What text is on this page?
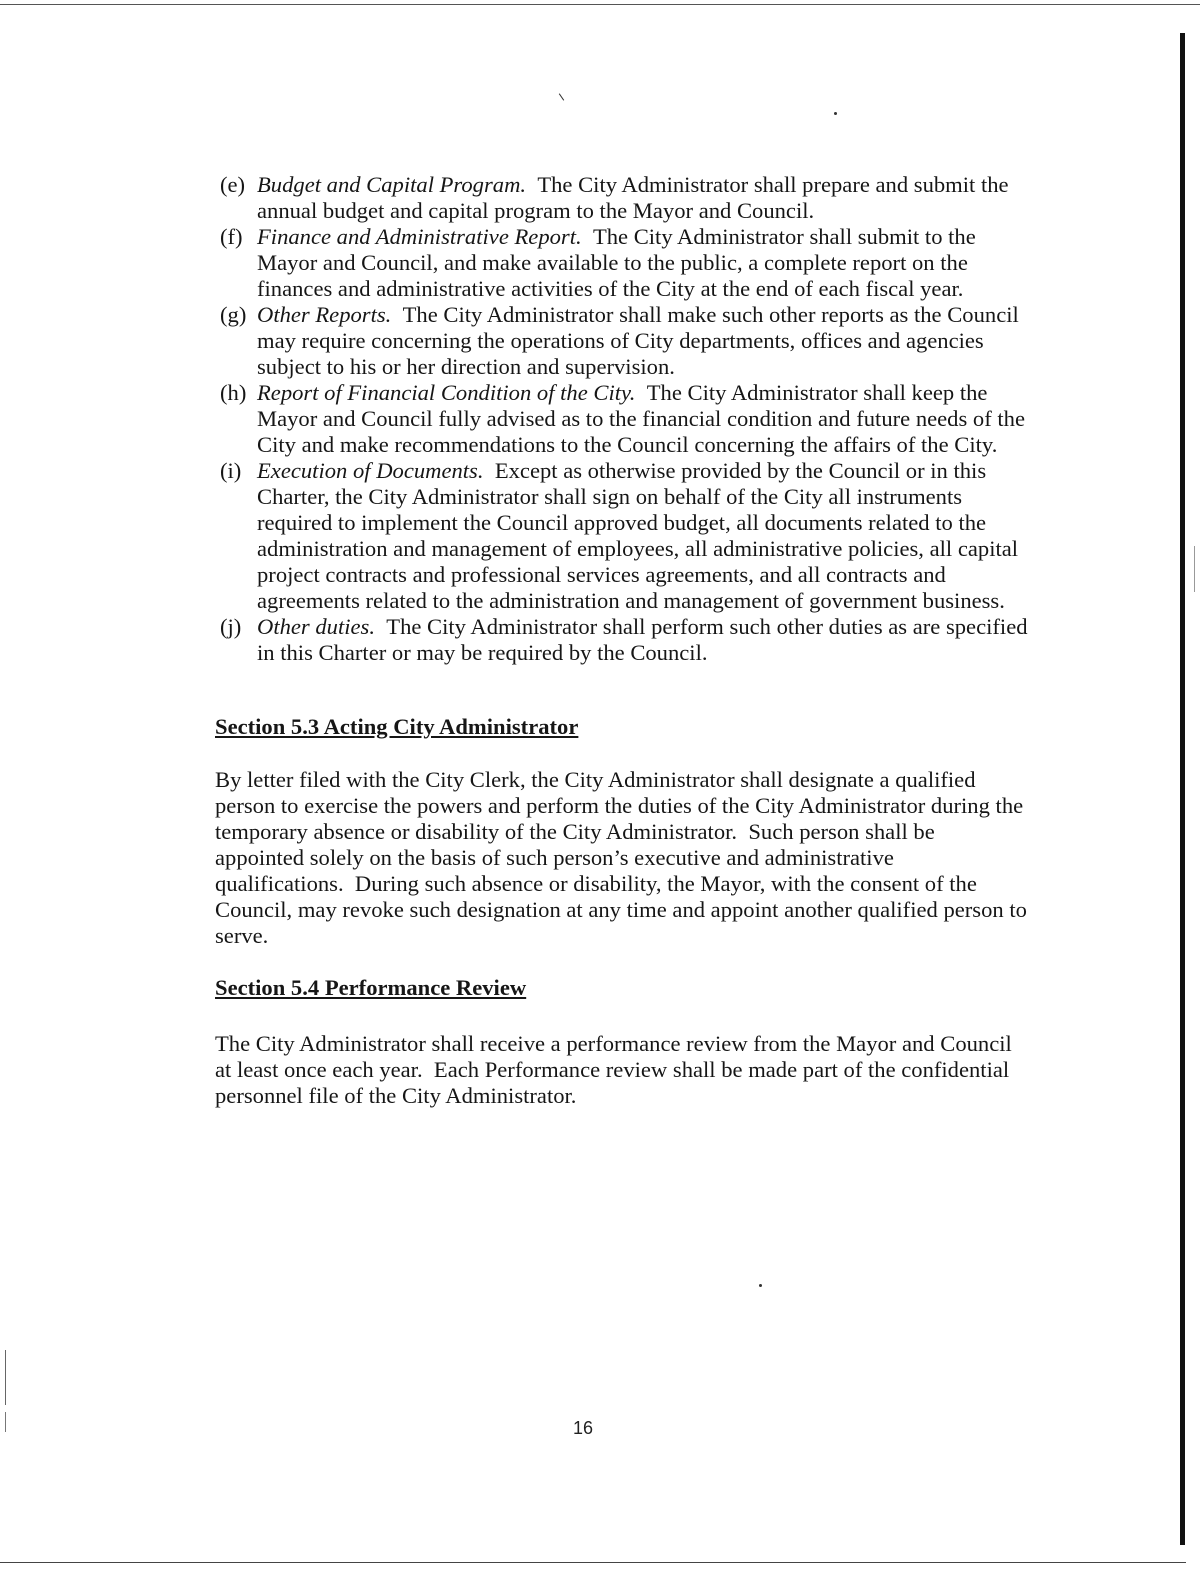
(e) Budget and Capital Program. The City Administrator shall prepare and submit the
annual budget and capital program to the Mayor and Council.
(f) Finance and Administrative Report. The City Administrator shall submit to the
Mayor and Council, and make available to the public, a complete report on the
finances and administrative activities of the City at the end of each fiscal year.
(g) Other Reports. The City Administrator shall make such other reports as the Council
may require concerning the operations of City departments, offices and agencies
subject to his or her direction and supervision.
(h) Report of Financial Condition of the City. The City Administrator shall keep the
Mayor and Council fully advised as to the financial condition and future needs of the
City and make recommendations to the Council concerning the affairs of the City.
(i) Execution of Documents. Except as otherwise provided by the Council or in this
Charter, the City Administrator shall sign on behalf of the City all instruments
required to implement the Council approved budget, all documents related to the
administration and management of employees, all administrative policies, all capital
project contracts and professional services agreements, and all contracts and
agreements related to the administration and management of government business.
(j) Other duties. The City Administrator shall perform such other duties as are specified
in this Charter or may be required by the Council.
Section 5.3 Acting City Administrator
By letter filed with the City Clerk, the City Administrator shall designate a qualified
person to exercise the powers and perform the duties of the City Administrator during the
temporary absence or disability of the City Administrator.  Such person shall be
appointed solely on the basis of such person’s executive and administrative
qualifications.  During such absence or disability, the Mayor, with the consent of the
Council, may revoke such designation at any time and appoint another qualified person to
serve.
Section 5.4 Performance Review
The City Administrator shall receive a performance review from the Mayor and Council
at least once each year.  Each Performance review shall be made part of the confidential
personnel file of the City Administrator.
16
